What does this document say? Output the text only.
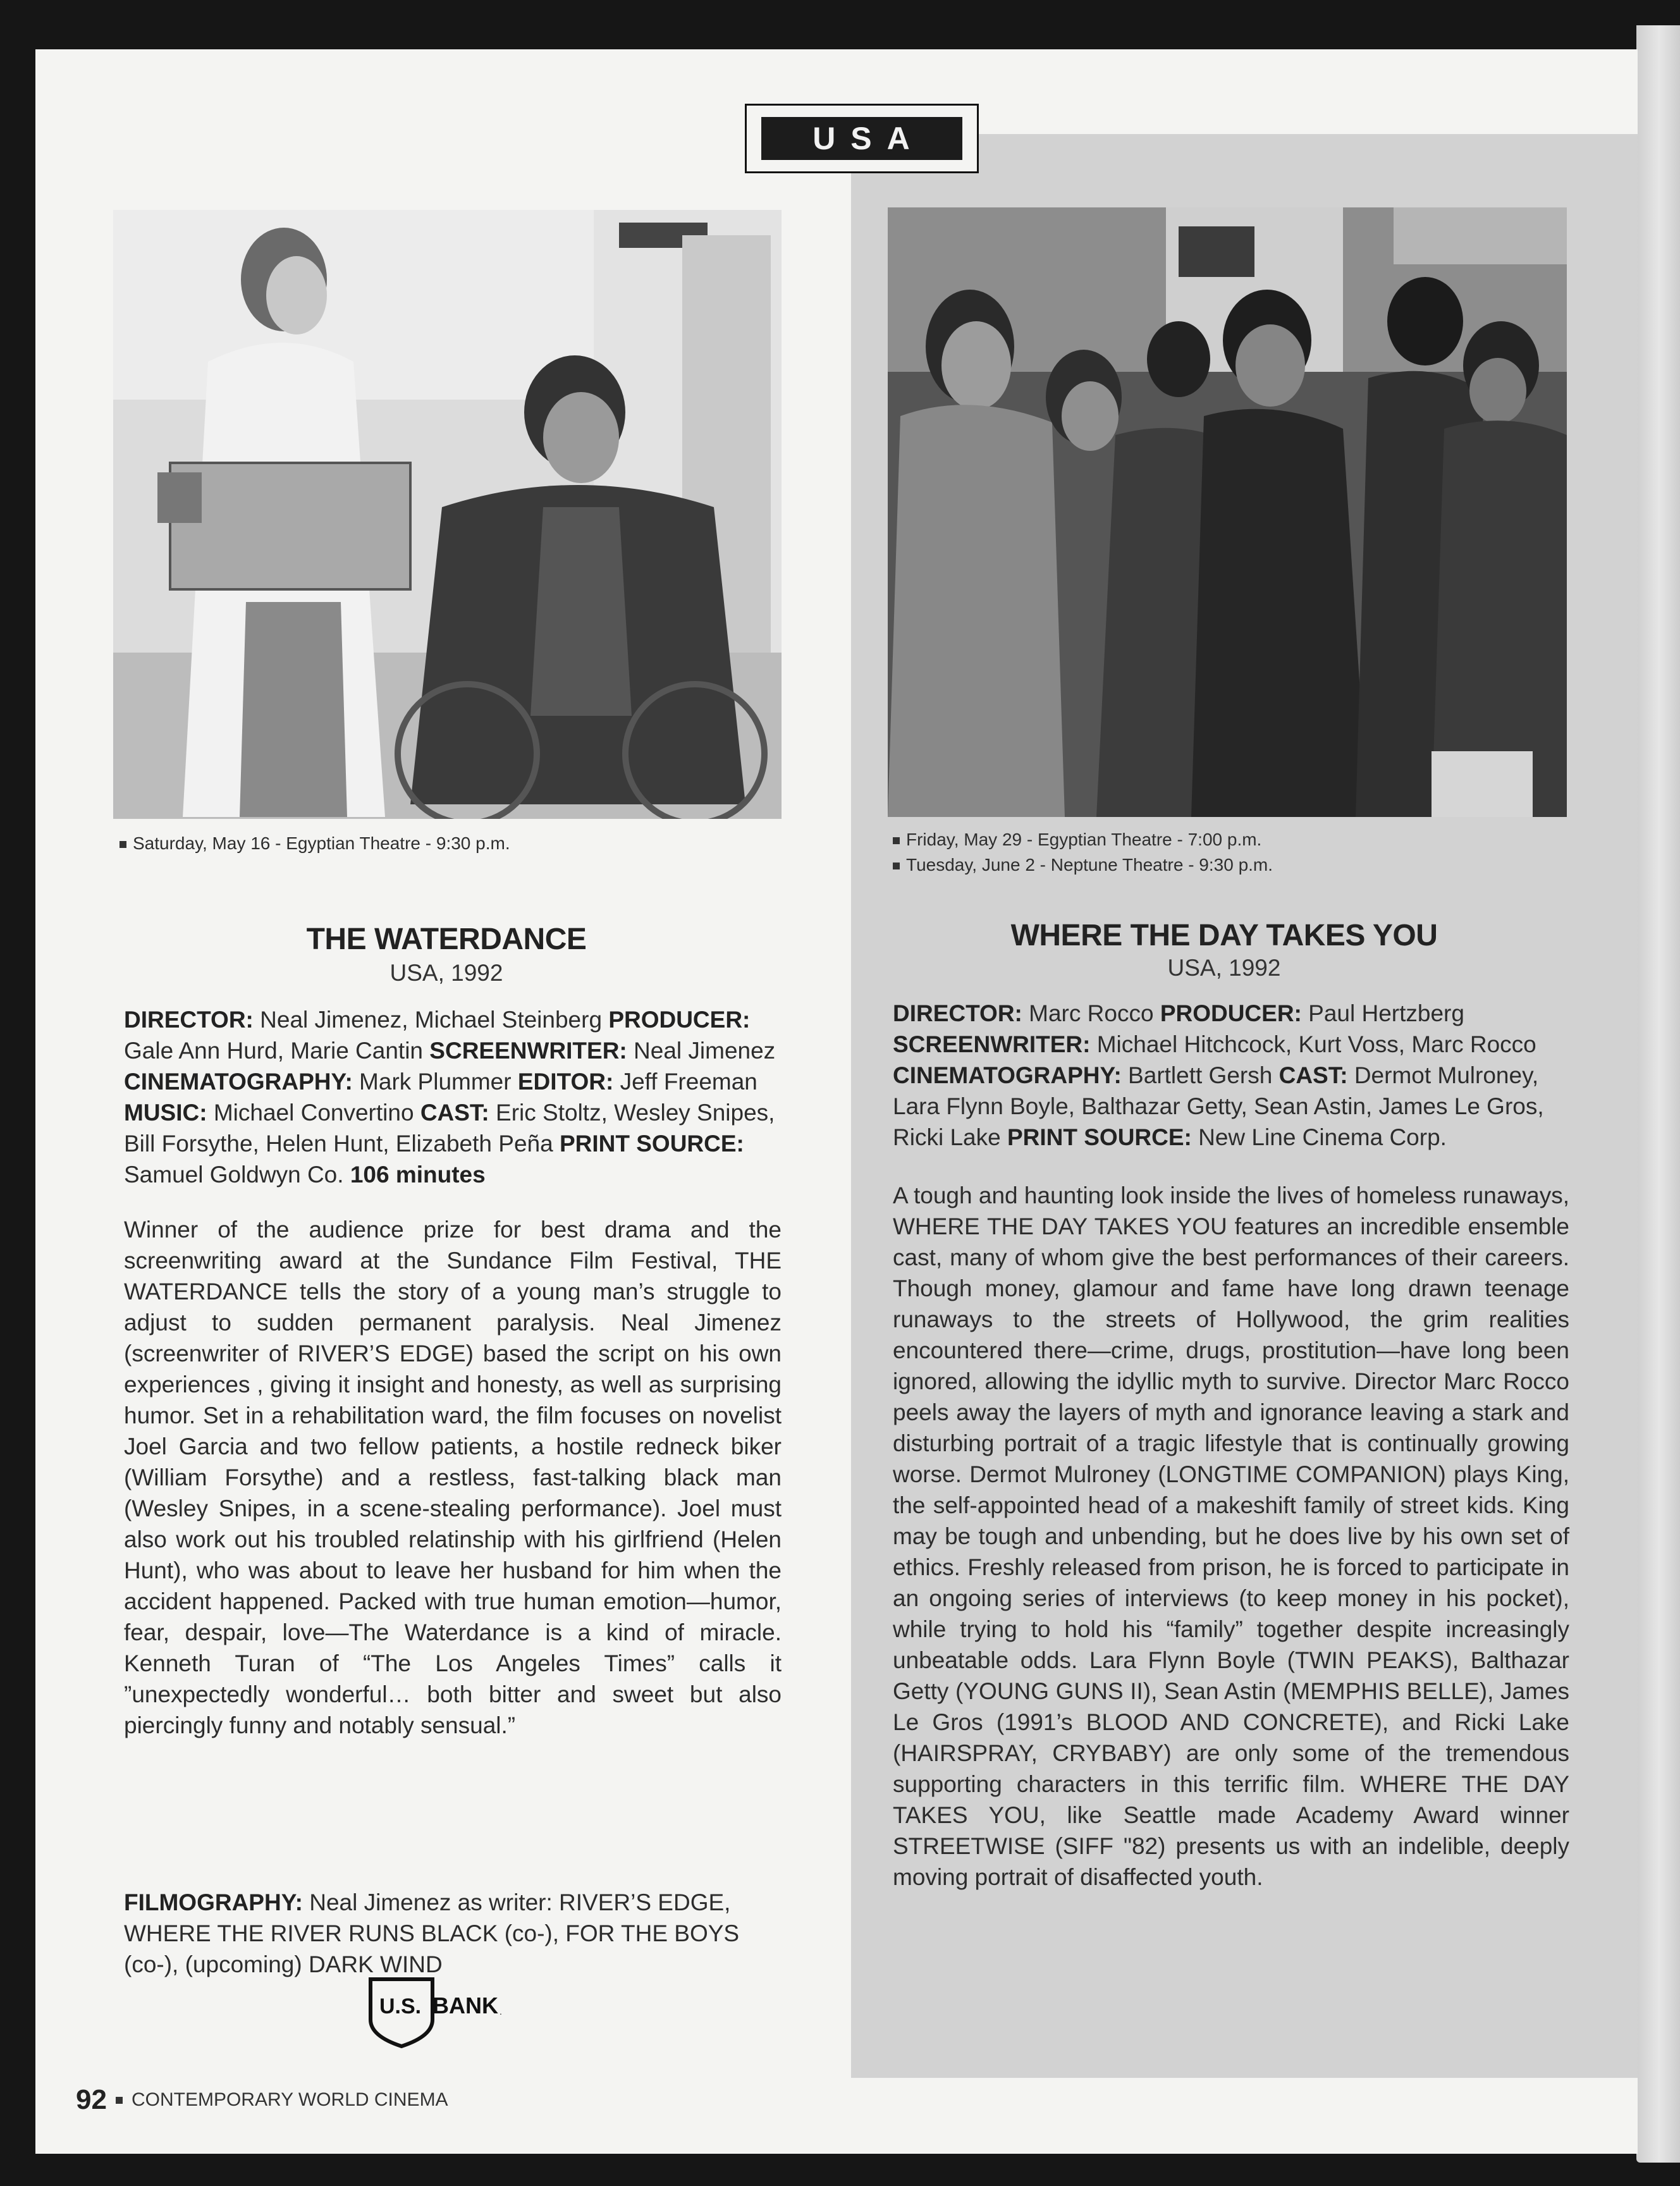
USA
Saturday, May 16 - Egyptian Theatre - 9:30 p.m.	Friday, May 29 - Egyptian Theatre - 7:00 p.m.
Tuesday, June 2 - Neptune Theatre - 9:30 p.m.
THE WATERDANCE
USA, 1992

DIRECTOR: Neal Jimenez, Michael Steinberg PRODUCER: Gale Ann Hurd, Marie Cantin SCREENWRITER: Neal Jimenez CINEMATOGRAPHY: Mark Plummer EDITOR: Jeff Freeman MUSIC: Michael Convertino CAST: Eric Stoltz, Wesley Snipes, Bill Forsythe, Helen Hunt, Elizabeth Peña PRINT SOURCE: Samuel Goldwyn Co. 106 minutes

Winner of the audience prize for best drama and the screenwriting award at the Sundance Film Festival, THE WATERDANCE tells the story of a young man’s struggle to adjust to sudden permanent paralysis. Neal Jimenez (screenwriter of RIVER’S EDGE) based the script on his own experiences , giving it insight and honesty, as well as surprising humor. Set in a rehabilitation ward, the film focuses on novelist Joel Garcia and two fellow patients, a hostile redneck biker (William Forsythe) and a restless, fast-talking black man (Wesley Snipes, in a scene-stealing performance). Joel must also work out his troubled relatinship with his girlfriend (Helen Hunt), who was about to leave her husband for him when the accident happened. Packed with true human emotion—humor, fear, despair, love—The Waterdance is a kind of miracle. Kenneth Turan of “The Los Angeles Times” calls it ”unexpectedly wonderful… both bitter and sweet but also piercingly funny and notably sensual.”

FILMOGRAPHY: Neal Jimenez as writer: RIVER’S EDGE, WHERE THE RIVER RUNS BLACK (co-), FOR THE BOYS (co-), (upcoming) DARK WIND

U.S. BANK .
WHERE THE DAY TAKES YOU
USA, 1992

DIRECTOR: Marc Rocco PRODUCER: Paul Hertzberg SCREENWRITER: Michael Hitchcock, Kurt Voss, Marc Rocco CINEMATOGRAPHY: Bartlett Gersh CAST: Dermot Mulroney, Lara Flynn Boyle, Balthazar Getty, Sean Astin, James Le Gros, Ricki Lake PRINT SOURCE: New Line Cinema Corp.

A tough and haunting look inside the lives of homeless runaways, WHERE THE DAY TAKES YOU features an incredible ensemble cast, many of whom give the best performances of their careers. Though money, glamour and fame have long drawn teenage runaways to the streets of Hollywood, the grim realities encountered there—crime, drugs, prostitution—have long been ignored, allowing the idyllic myth to survive. Director Marc Rocco peels away the layers of myth and ignorance leaving a stark and disturbing portrait of a tragic lifestyle that is continually growing worse. Dermot Mulroney (LONGTIME COMPANION) plays King, the self-appointed head of a makeshift family of street kids. King may be tough and unbending, but he does live by his own set of ethics. Freshly released from prison, he is forced to participate in an ongoing series of interviews (to keep money in his pocket), while trying to hold his “family” together despite increasingly unbeatable odds. Lara Flynn Boyle (TWIN PEAKS), Balthazar Getty (YOUNG GUNS II), Sean Astin (MEMPHIS BELLE), James Le Gros (1991’s BLOOD AND CONCRETE), and Ricki Lake (HAIRSPRAY, CRYBABY) are only some of the tremendous supporting characters in this terrific film. WHERE THE DAY TAKES YOU, like Seattle made Academy Award winner STREETWISE (SIFF "82) presents us with an indelible, deeply moving portrait of disaffected youth.

92 CONTEMPORARY WORLD CINEMA
